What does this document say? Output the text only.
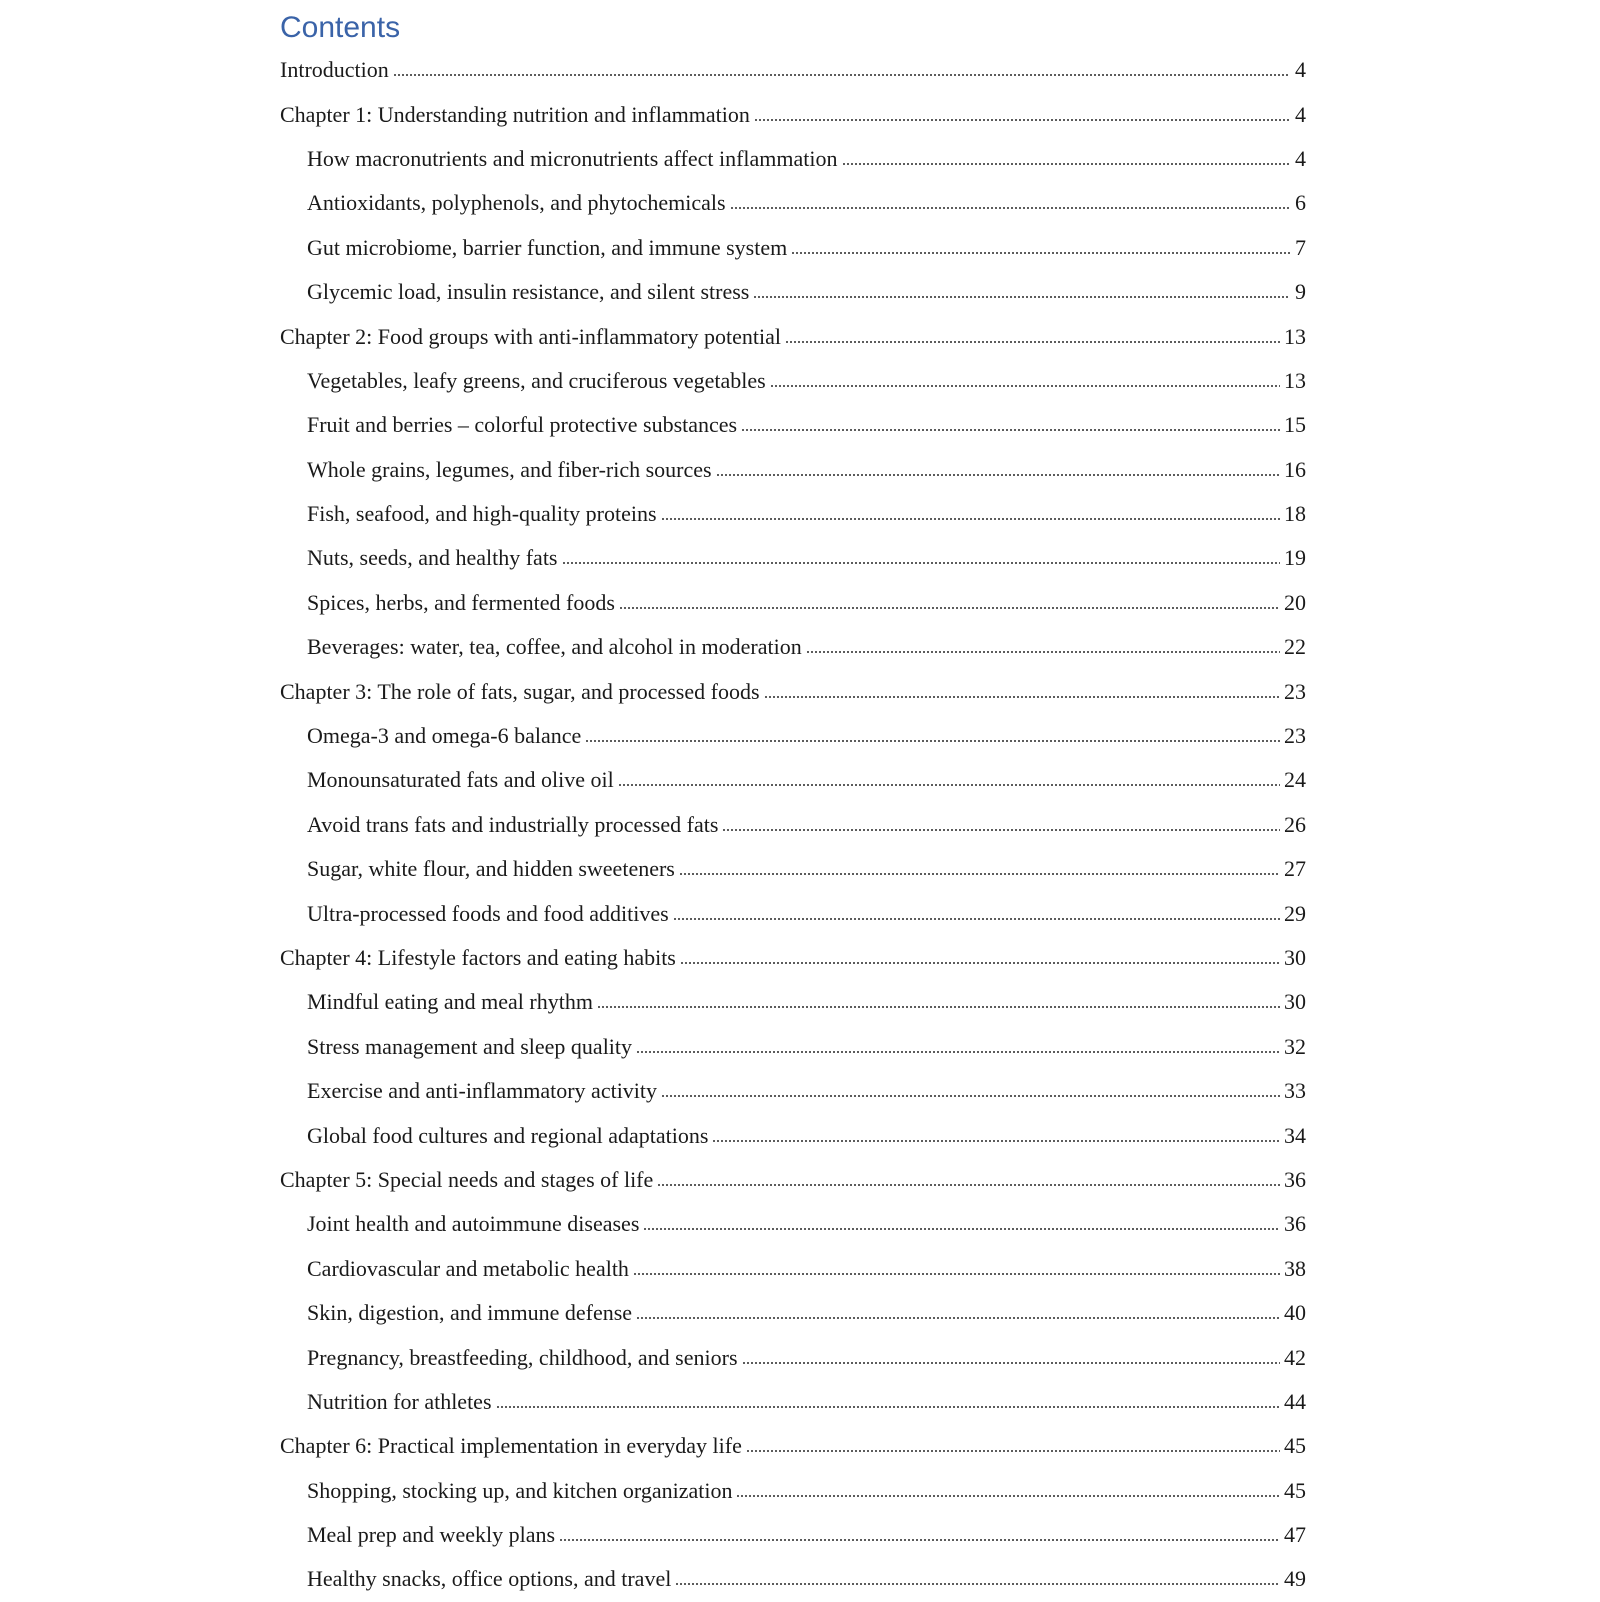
Contents
Introduction	4
Chapter 1: Understanding nutrition and inflammation	4
How macronutrients and micronutrients affect inflammation	4
Antioxidants, polyphenols, and phytochemicals	6
Gut microbiome, barrier function, and immune system	7
Glycemic load, insulin resistance, and silent stress	9
Chapter 2: Food groups with anti-inflammatory potential	13
Vegetables, leafy greens, and cruciferous vegetables	13
Fruit and berries – colorful protective substances	15
Whole grains, legumes, and fiber-rich sources	16
Fish, seafood, and high-quality proteins	18
Nuts, seeds, and healthy fats	19
Spices, herbs, and fermented foods	20
Beverages: water, tea, coffee, and alcohol in moderation	22
Chapter 3: The role of fats, sugar, and processed foods	23
Omega-3 and omega-6 balance	23
Monounsaturated fats and olive oil	24
Avoid trans fats and industrially processed fats	26
Sugar, white flour, and hidden sweeteners	27
Ultra-processed foods and food additives	29
Chapter 4: Lifestyle factors and eating habits	30
Mindful eating and meal rhythm	30
Stress management and sleep quality	32
Exercise and anti-inflammatory activity	33
Global food cultures and regional adaptations	34
Chapter 5: Special needs and stages of life	36
Joint health and autoimmune diseases	36
Cardiovascular and metabolic health	38
Skin, digestion, and immune defense	40
Pregnancy, breastfeeding, childhood, and seniors	42
Nutrition for athletes	44
Chapter 6: Practical implementation in everyday life	45
Shopping, stocking up, and kitchen organization	45
Meal prep and weekly plans	47
Healthy snacks, office options, and travel	49
